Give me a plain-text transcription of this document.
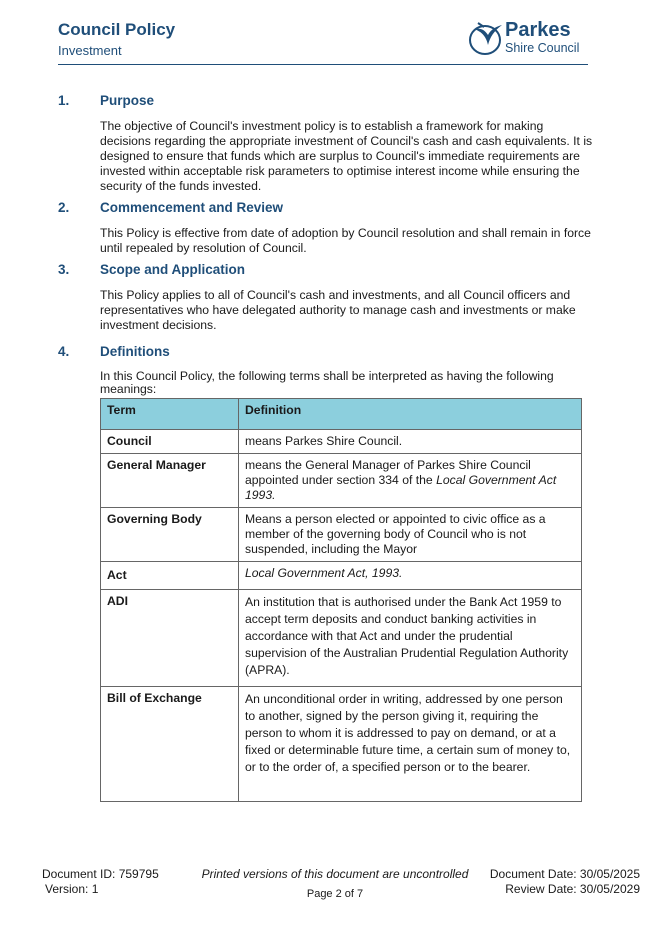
Council Policy
Investment
Parkes
Shire Council
1. Purpose
The objective of Council's investment policy is to establish a framework for making decisions regarding the appropriate investment of Council's cash and cash equivalents. It is designed to ensure that funds which are surplus to Council's immediate requirements are invested within acceptable risk parameters to optimise interest income while ensuring the security of the funds invested.
2. Commencement and Review
This Policy is effective from date of adoption by Council resolution and shall remain in force until repealed by resolution of Council.
3. Scope and Application
This Policy applies to all of Council's cash and investments, and all Council officers and representatives who have delegated authority to manage cash and investments or make investment decisions.
4. Definitions
In this Council Policy, the following terms shall be interpreted as having the following meanings:
Term	Definition
Council	means Parkes Shire Council.
General Manager	means the General Manager of Parkes Shire Council appointed under section 334 of the Local Government Act 1993.
Governing Body	Means a person elected or appointed to civic office as a member of the governing body of Council who is not suspended, including the Mayor
Act	Local Government Act, 1993.
ADI	An institution that is authorised under the Bank Act 1959 to accept term deposits and conduct banking activities in accordance with that Act and under the prudential supervision of the Australian Prudential Regulation Authority (APRA).
Bill of Exchange	An unconditional order in writing, addressed by one person to another, signed by the person giving it, requiring the person to whom it is addressed to pay on demand, or at a fixed or determinable future time, a certain sum of money to, or to the order of, a specified person or to the bearer.
Document ID: 759795
Version: 1
Printed versions of this document are uncontrolled
Page 2 of 7
Document Date: 30/05/2025
Review Date: 30/05/2029
